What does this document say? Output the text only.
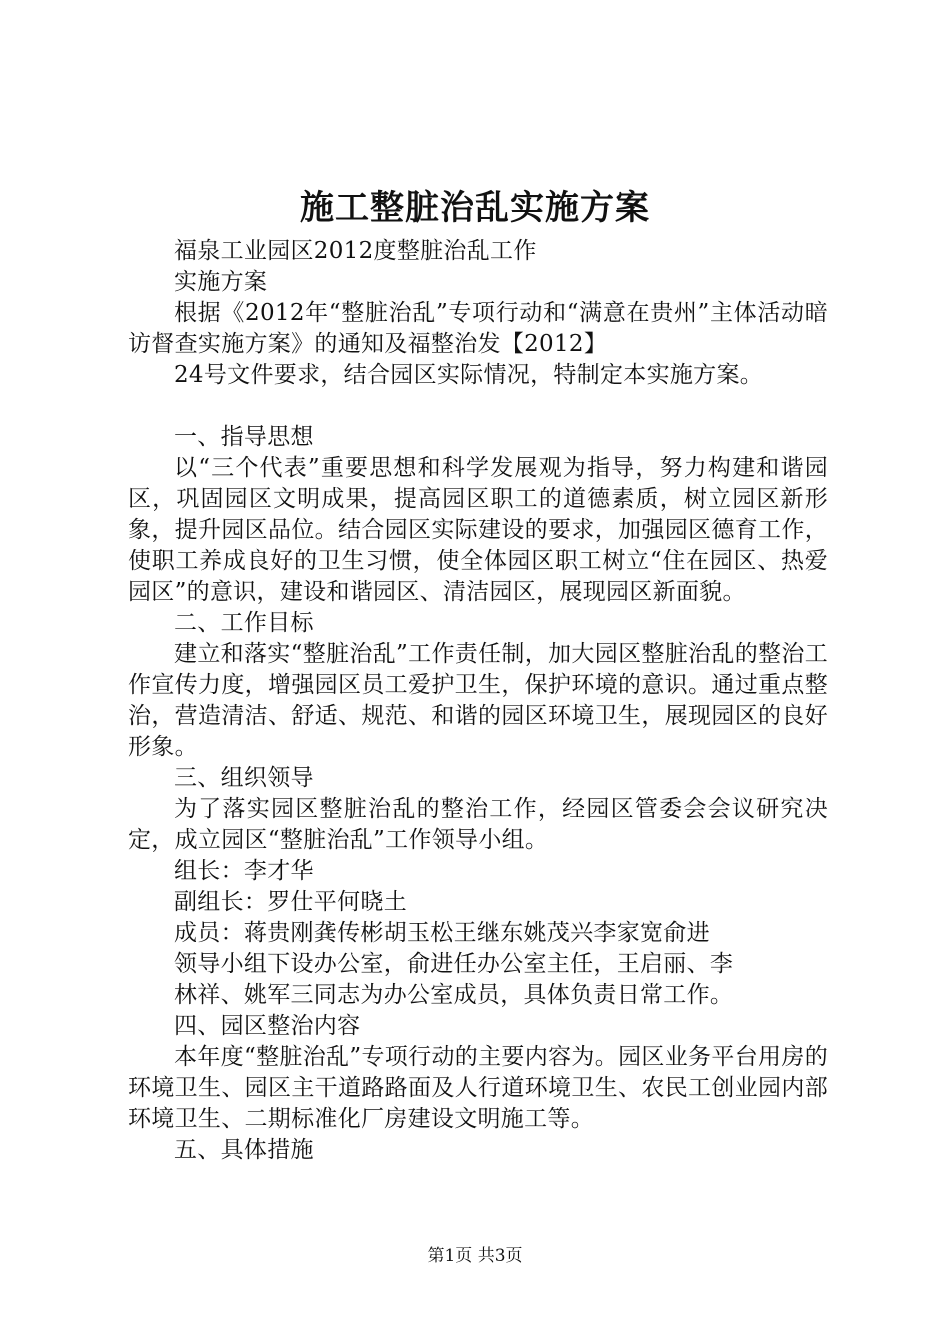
施工整脏治乱实施方案

福泉工业园区2012度整脏治乱工作

实施方案

根据《2012年“整脏治乱”专项行动和“满意在贵州”主体活动暗访督查实施方案》的通知及福整治发【2012】

24号文件要求，结合园区实际情况，特制定本实施方案。

一、指导思想

以“三个代表”重要思想和科学发展观为指导，努力构建和谐园区，巩固园区文明成果，提高园区职工的道德素质，树立园区新形象，提升园区品位。结合园区实际建设的要求，加强园区德育工作，使职工养成良好的卫生习惯，使全体园区职工树立“住在园区、热爱园区”的意识，建设和谐园区、清洁园区，展现园区新面貌。

二、工作目标

建立和落实“整脏治乱”工作责任制，加大园区整脏治乱的整治工作宣传力度，增强园区员工爱护卫生，保护环境的意识。通过重点整治，营造清洁、舒适、规范、和谐的园区环境卫生，展现园区的良好形象。

三、组织领导

为了落实园区整脏治乱的整治工作，经园区管委会会议研究决定，成立园区“整脏治乱”工作领导小组。

组长：李才华

副组长：罗仕平何晓土

成员：蒋贵刚龚传彬胡玉松王继东姚茂兴李家宽俞进

领导小组下设办公室，俞进任办公室主任，王启丽、李

林祥、姚军三同志为办公室成员，具体负责日常工作。

四、园区整治内容

本年度“整脏治乱”专项行动的主要内容为。园区业务平台用房的环境卫生、园区主干道路路面及人行道环境卫生、农民工创业园内部环境卫生、二期标准化厂房建设文明施工等。

五、具体措施

第1页 共3页
